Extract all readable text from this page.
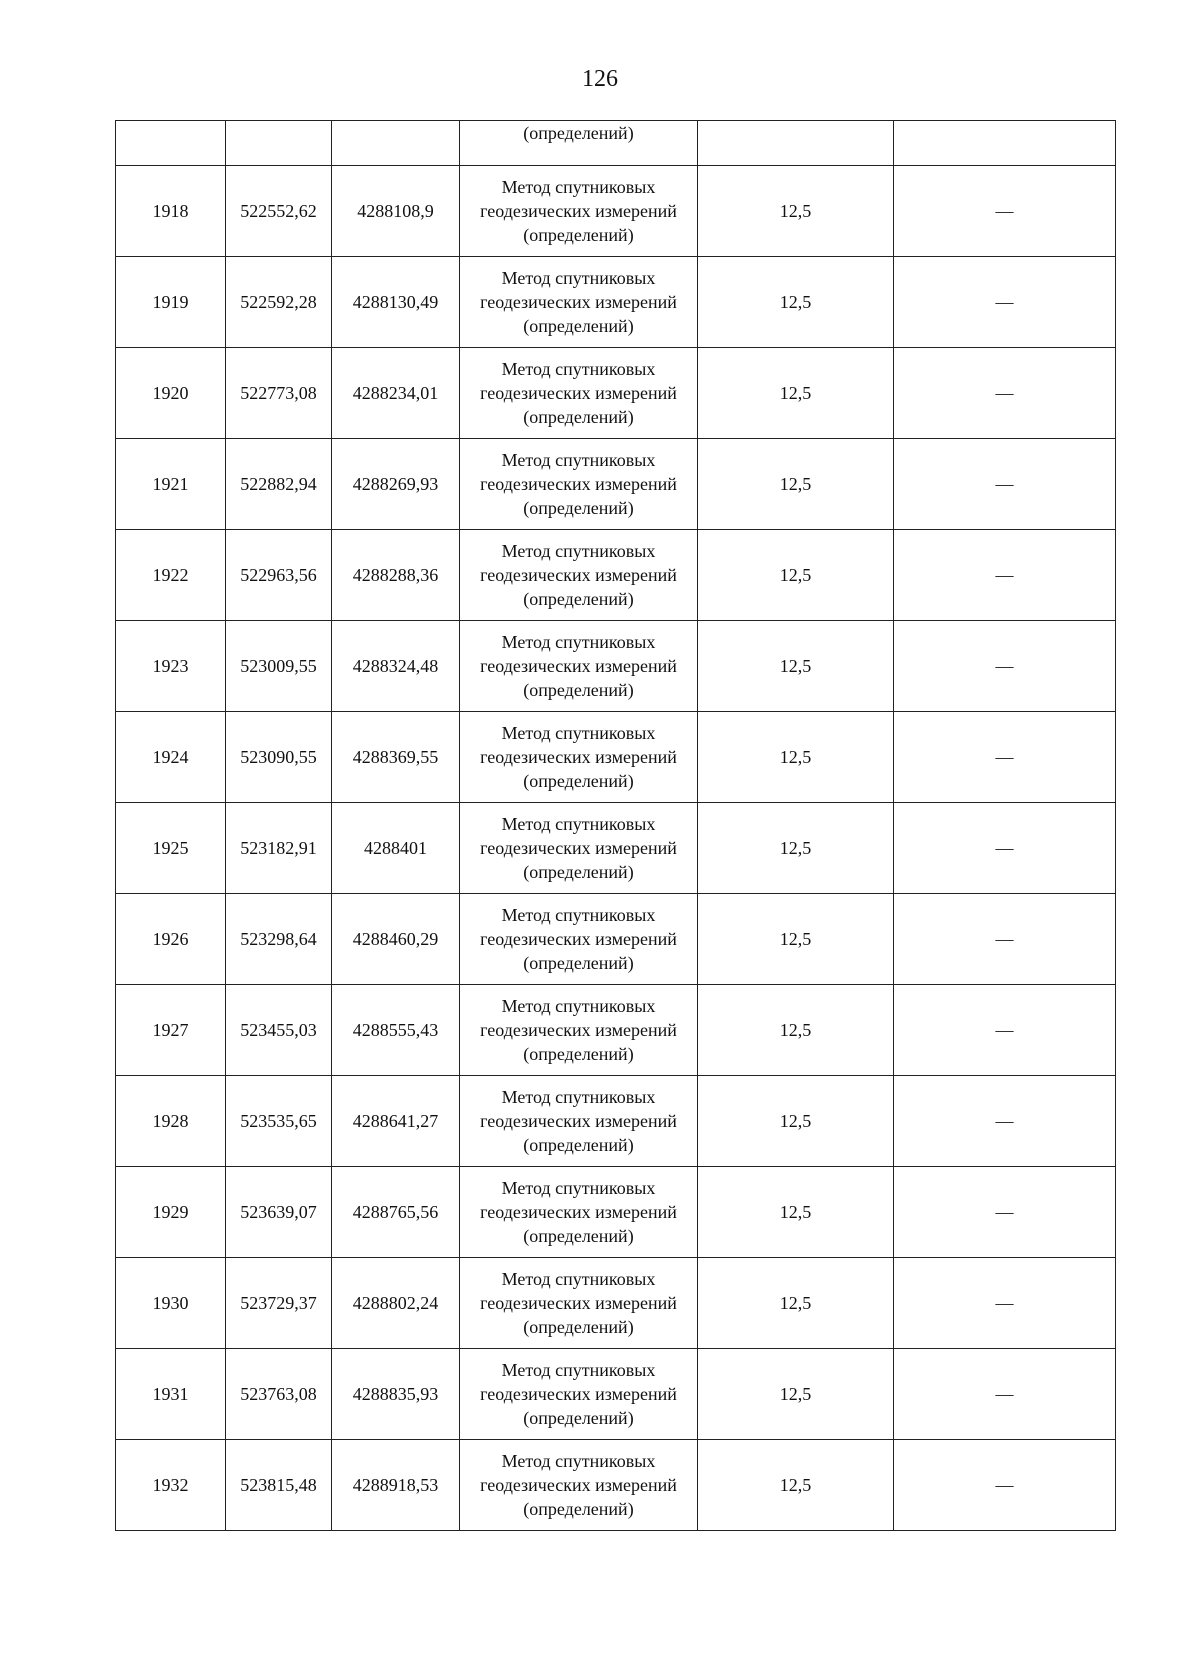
126
			(определений)		
1918	522552,62	4288108,9	Метод спутниковых
геодезических измерений
(определений)	12,5	—
1919	522592,28	4288130,49	Метод спутниковых
геодезических измерений
(определений)	12,5	—
1920	522773,08	4288234,01	Метод спутниковых
геодезических измерений
(определений)	12,5	—
1921	522882,94	4288269,93	Метод спутниковых
геодезических измерений
(определений)	12,5	—
1922	522963,56	4288288,36	Метод спутниковых
геодезических измерений
(определений)	12,5	—
1923	523009,55	4288324,48	Метод спутниковых
геодезических измерений
(определений)	12,5	—
1924	523090,55	4288369,55	Метод спутниковых
геодезических измерений
(определений)	12,5	—
1925	523182,91	4288401	Метод спутниковых
геодезических измерений
(определений)	12,5	—
1926	523298,64	4288460,29	Метод спутниковых
геодезических измерений
(определений)	12,5	—
1927	523455,03	4288555,43	Метод спутниковых
геодезических измерений
(определений)	12,5	—
1928	523535,65	4288641,27	Метод спутниковых
геодезических измерений
(определений)	12,5	—
1929	523639,07	4288765,56	Метод спутниковых
геодезических измерений
(определений)	12,5	—
1930	523729,37	4288802,24	Метод спутниковых
геодезических измерений
(определений)	12,5	—
1931	523763,08	4288835,93	Метод спутниковых
геодезических измерений
(определений)	12,5	—
1932	523815,48	4288918,53	Метод спутниковых
геодезических измерений
(определений)	12,5	—
